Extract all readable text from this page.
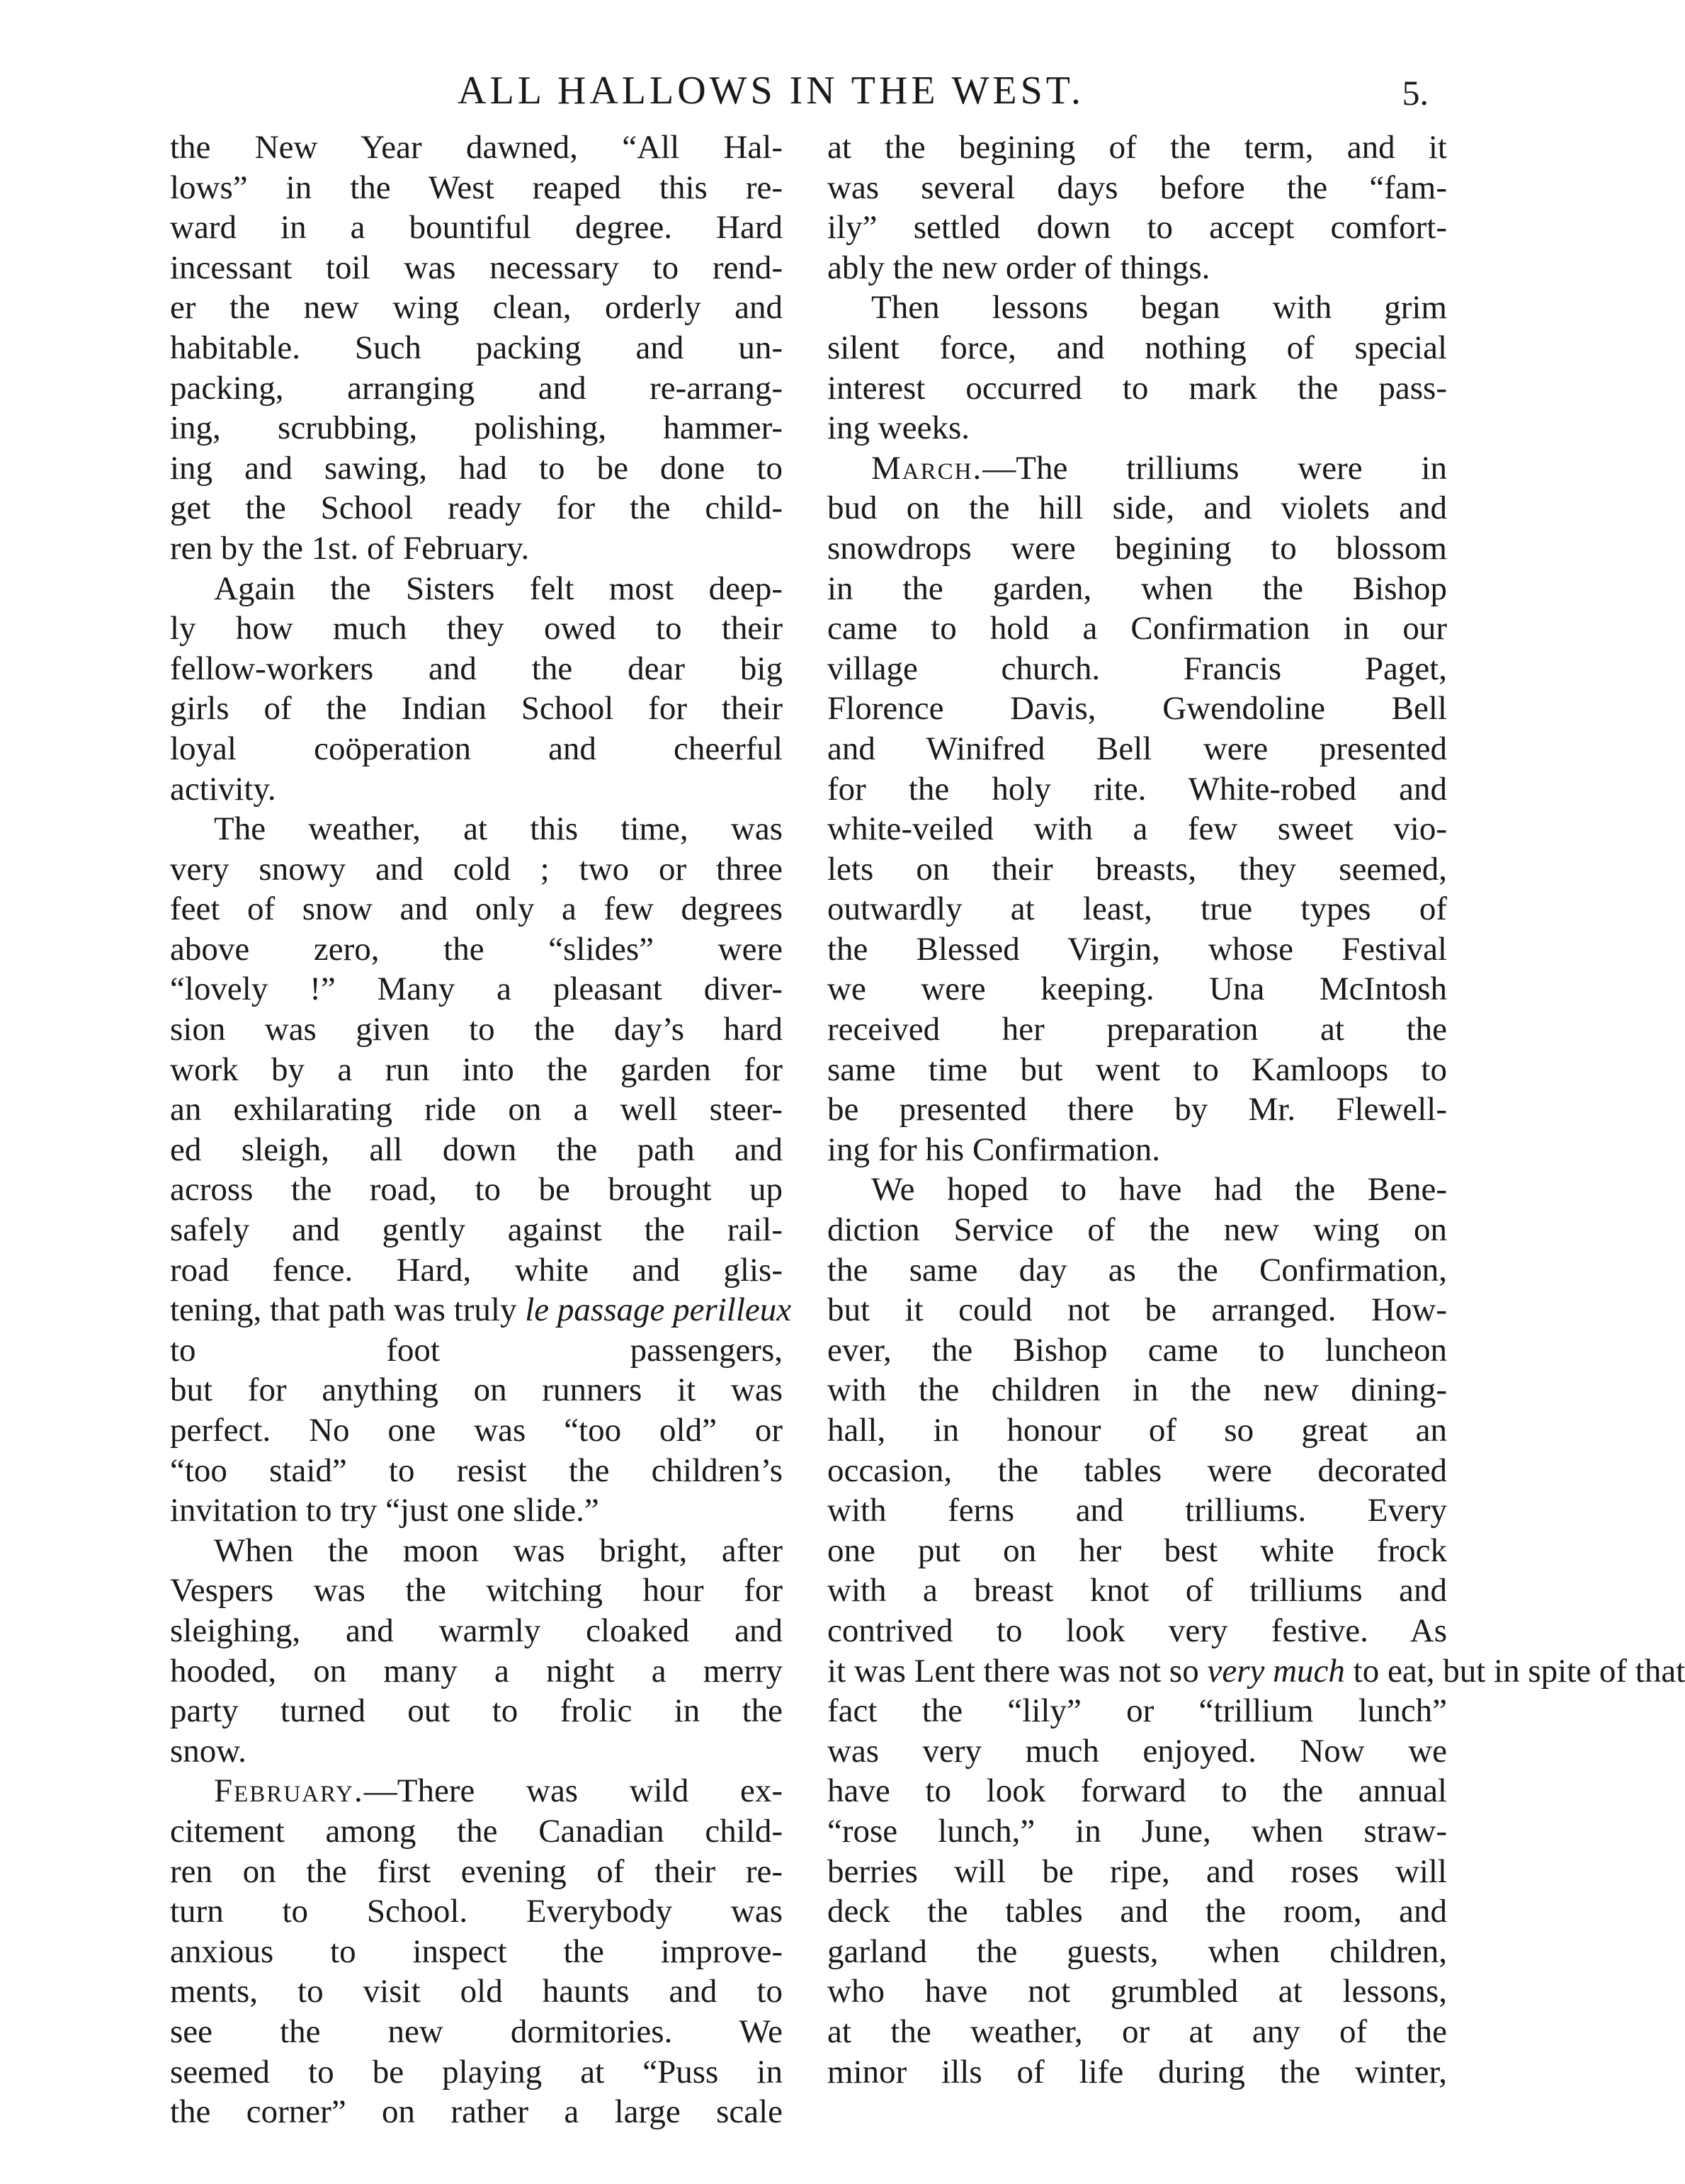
ALL HALLOWS IN THE WEST.	5.
the New Year dawned, “All Hal-
lows” in the West reaped this re-
ward in a bountiful degree. Hard
incessant toil was necessary to rend-
er the new wing clean, orderly and
habitable. Such packing and un-
packing, arranging and re-arrang-
ing, scrubbing, polishing, hammer-
ing and sawing, had to be done to
get the School ready for the child-
ren by the 1st. of February.
Again the Sisters felt most deep-
ly how much they owed to their
fellow-workers and the dear big
girls of the Indian School for their
loyal coöperation and cheerful
activity.
The weather, at this time, was
very snowy and cold ; two or three
feet of snow and only a few degrees
above zero, the “slides” were
“lovely !” Many a pleasant diver-
sion was given to the day’s hard
work by a run into the garden for
an exhilarating ride on a well steer-
ed sleigh, all down the path and
across the road, to be brought up
safely and gently against the rail-
road fence. Hard, white and glis-
tening, that path was truly le passage perilleux
to foot passengers,
but for anything on runners it was
perfect. No one was “too old” or
“too staid” to resist the children’s
invitation to try “just one slide.”
When the moon was bright, after
Vespers was the witching hour for
sleighing, and warmly cloaked and
hooded, on many a night a merry
party turned out to frolic in the
snow.
February.—There was wild ex-
citement among the Canadian child-
ren on the first evening of their re-
turn to School. Everybody was
anxious to inspect the improve-
ments, to visit old haunts and to
see the new dormitories. We
seemed to be playing at “Puss in
the corner” on rather a large scale
at the begining of the term, and it
was several days before the “fam-
ily” settled down to accept comfort-
ably the new order of things.
Then lessons began with grim
silent force, and nothing of special
interest occurred to mark the pass-
ing weeks.
March.—The trilliums were in
bud on the hill side, and violets and
snowdrops were begining to blossom
in the garden, when the Bishop
came to hold a Confirmation in our
village church. Francis Paget,
Florence Davis, Gwendoline Bell
and Winifred Bell were presented
for the holy rite. White-robed and
white-veiled with a few sweet vio-
lets on their breasts, they seemed,
outwardly at least, true types of
the Blessed Virgin, whose Festival
we were keeping. Una McIntosh
received her preparation at the
same time but went to Kamloops to
be presented there by Mr. Flewell-
ing for his Confirmation.
We hoped to have had the Bene-
diction Service of the new wing on
the same day as the Confirmation,
but it could not be arranged. How-
ever, the Bishop came to luncheon
with the children in the new dining-
hall, in honour of so great an
occasion, the tables were decorated
with ferns and trilliums. Every
one put on her best white frock
with a breast knot of trilliums and
contrived to look very festive. As
it was Lent there was not so very much to eat, but in spite of that
fact the “lily” or “trillium lunch”
was very much enjoyed. Now we
have to look forward to the annual
“rose lunch,” in June, when straw-
berries will be ripe, and roses will
deck the tables and the room, and
garland the guests, when children,
who have not grumbled at lessons,
at the weather, or at any of the
minor ills of life during the winter,
